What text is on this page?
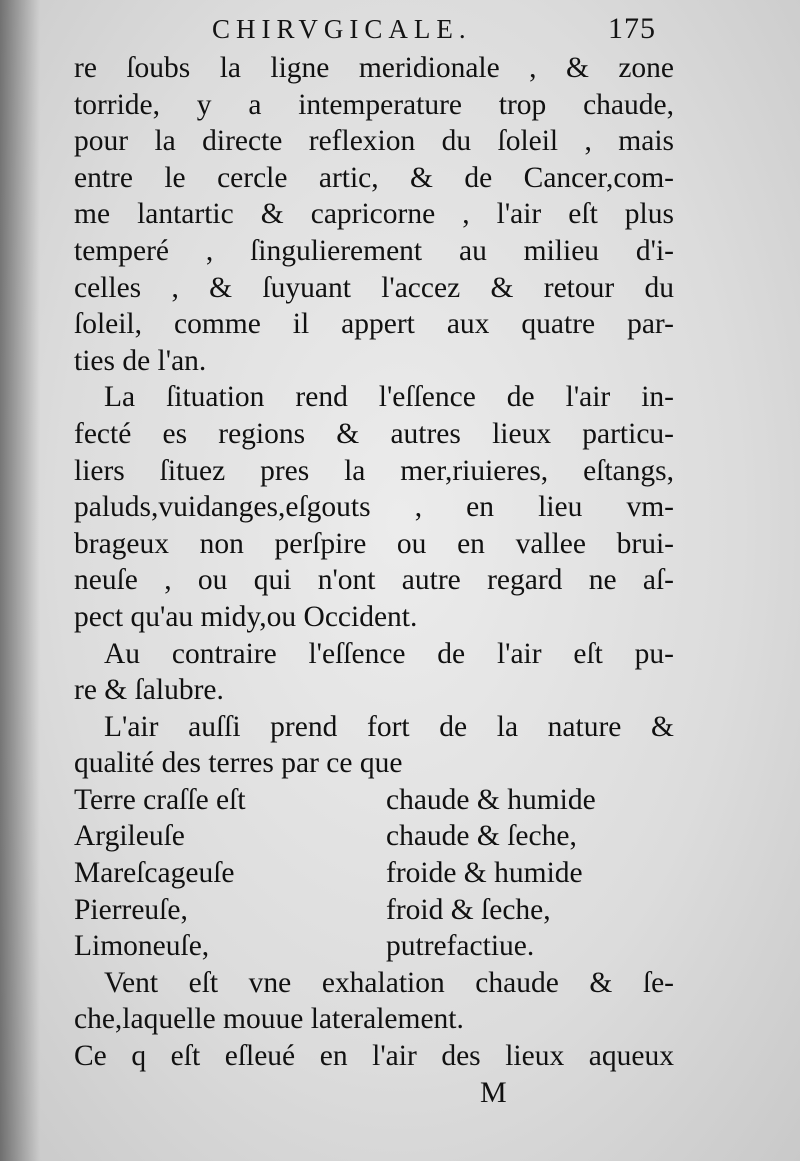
CHIRVGICALE.	175
re ſoubs la ligne meridionale , & zone
torride, y a intemperature trop chaude,
pour la directe reflexion du ſoleil , mais
entre le cercle artic, & de Cancer,com-
me lantartic & capricorne , l'air eſt plus
temperé , ſingulierement au milieu d'i-
celles , & ſuyuant l'accez & retour du
ſoleil, comme il appert aux quatre par-
ties de l'an.
La ſituation rend l'eſſence de l'air in-
fecté es regions & autres lieux particu-
liers ſituez pres la mer,riuieres, eſtangs,
paluds,vuidanges,eſgouts , en lieu vm-
brageux non perſpire ou en vallee brui-
neuſe , ou qui n'ont autre regard ne aſ-
pect qu'au midy,ou Occident.
Au contraire l'eſſence de l'air eſt pu-
re & ſalubre.
L'air auſſi prend fort de la nature &
qualité des terres par ce que
Terre craſſe eſt	chaude & humide
Argileuſe	chaude & ſeche,
Mareſcageuſe	froide & humide
Pierreuſe,	froid & ſeche,
Limoneuſe,	putrefactiue.
Vent eſt vne exhalation chaude & ſe-
che,laquelle mouue lateralement.
Ce q eſt eſleué en l'air des lieux aqueux
M
